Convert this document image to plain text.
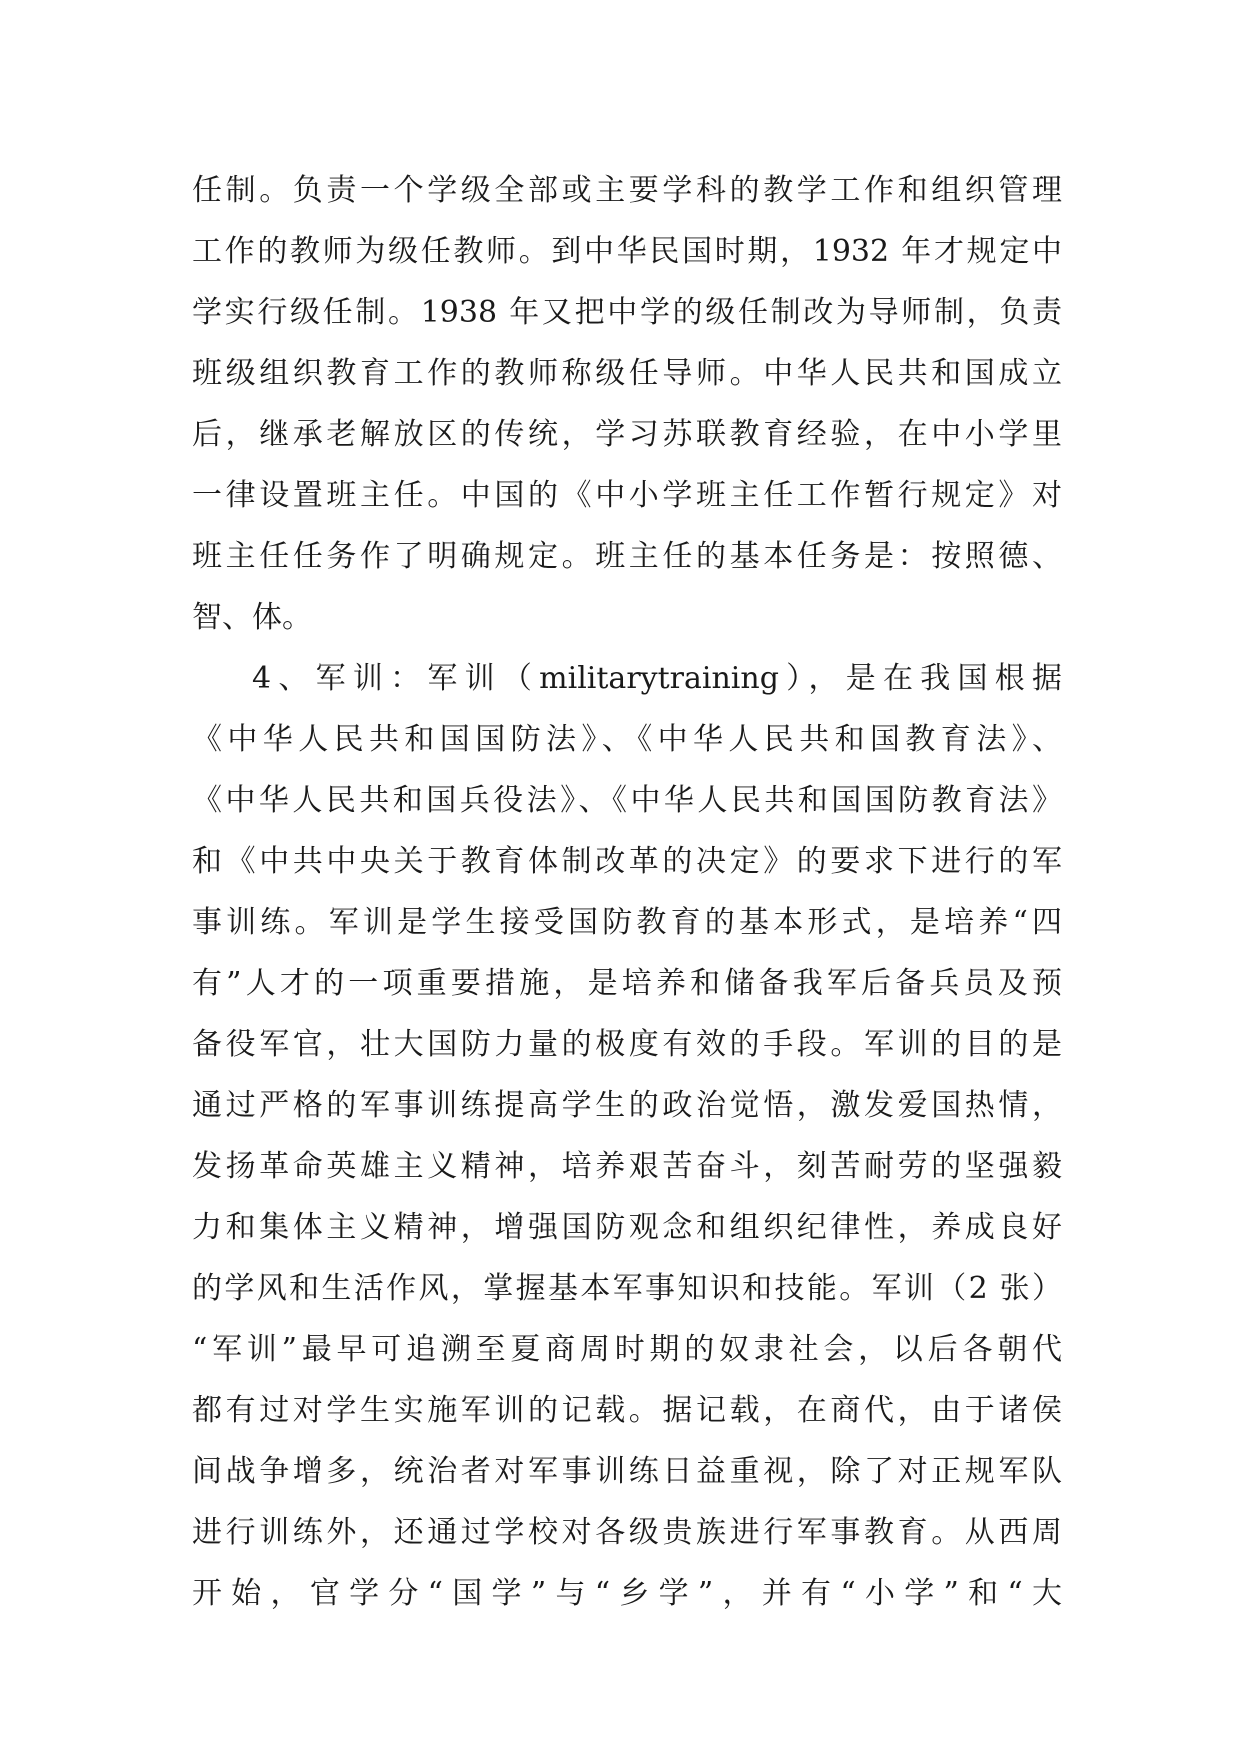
任制。负责一个学级全部或主要学科的教学工作和组织管理
工作的教师为级任教师。到中华民国时期，1932 年才规定中
学实行级任制。1938 年又把中学的级任制改为导师制，负责
班级组织教育工作的教师称级任导师。中华人民共和国成立
后，继承老解放区的传统，学习苏联教育经验，在中小学里
一律设置班主任。中国的《中小学班主任工作暂行规定》对
班主任任务作了明确规定。班主任的基本任务是：按照德、
智、体。
4、军训：军训（militarytraining），是在我国根据
《中华人民共和国国防法》、《中华人民共和国教育法》、
《中华人民共和国兵役法》、《中华人民共和国国防教育法》
和《中共中央关于教育体制改革的决定》的要求下进行的军
事训练。军训是学生接受国防教育的基本形式，是培养“四
有”人才的一项重要措施，是培养和储备我军后备兵员及预
备役军官，壮大国防力量的极度有效的手段。军训的目的是
通过严格的军事训练提高学生的政治觉悟，激发爱国热情，
发扬革命英雄主义精神，培养艰苦奋斗，刻苦耐劳的坚强毅
力和集体主义精神，增强国防观念和组织纪律性，养成良好
的学风和生活作风，掌握基本军事知识和技能。军训（2 张）
“军训”最早可追溯至夏商周时期的奴隶社会，以后各朝代
都有过对学生实施军训的记载。据记载，在商代，由于诸侯
间战争增多，统治者对军事训练日益重视，除了对正规军队
进行训练外，还通过学校对各级贵族进行军事教育。从西周
开始，官学分“国学”与“乡学”，并有“小学”和“大
